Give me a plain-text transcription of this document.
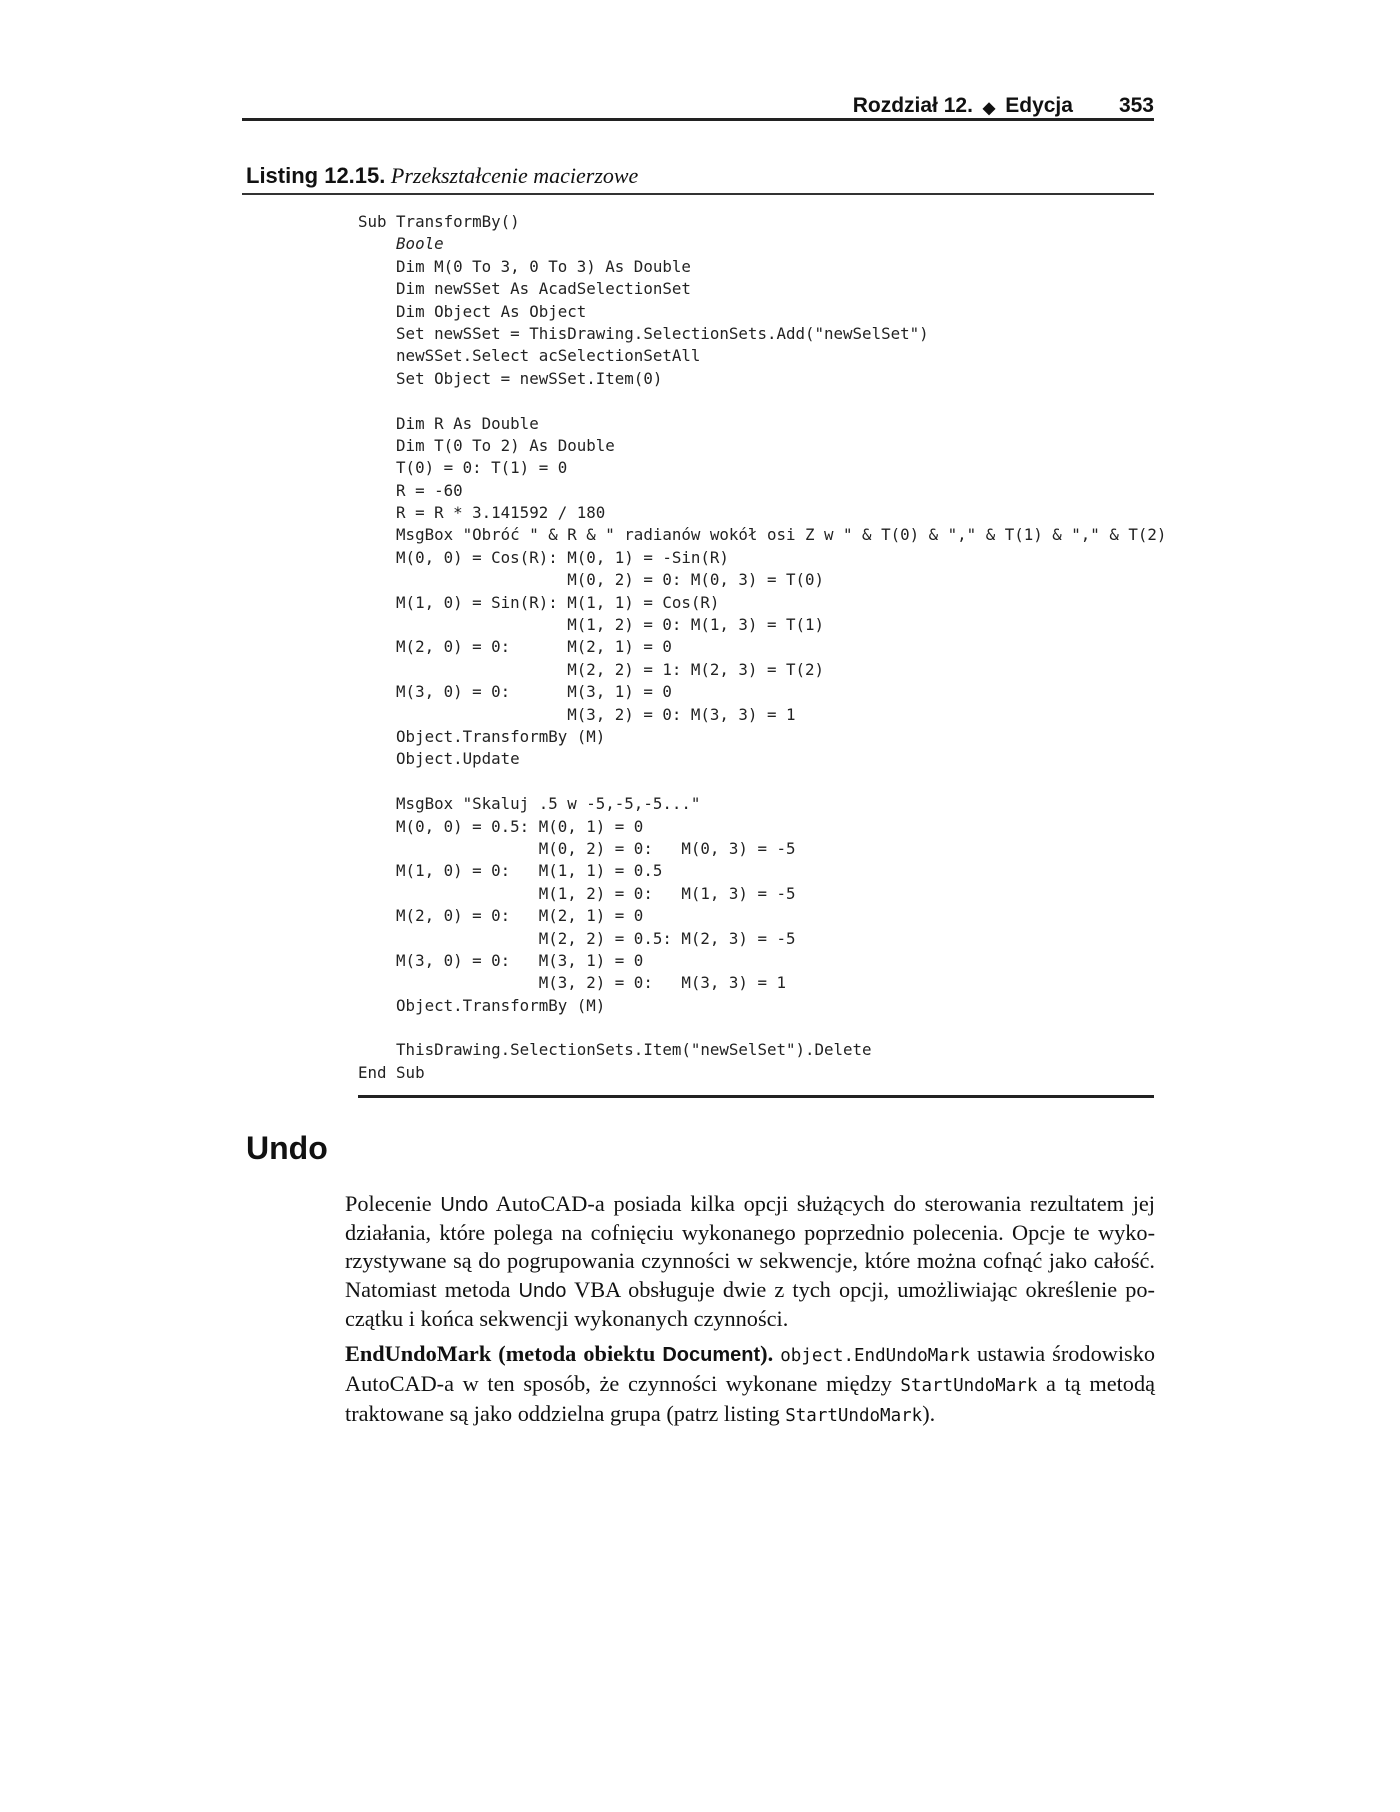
Rozdział 12. ◆ Edycja 353
Listing 12.15. Przekształcenie macierzowe
Sub TransformBy()
Boole
Dim M(0 To 3, 0 To 3) As Double
Dim newSSet As AcadSelectionSet
Dim Object As Object
Set newSSet = ThisDrawing.SelectionSets.Add("newSelSet")
newSSet.Select acSelectionSetAll
Set Object = newSSet.Item(0)
Dim R As Double
Dim T(0 To 2) As Double
T(0) = 0: T(1) = 0
R = -60
R = R * 3.141592 / 180
MsgBox "Obróć " & R & " radianów wokół osi Z w " & T(0) & "," & T(1) & "," & T(2)
M(0, 0) = Cos(R): M(0, 1) = -Sin(R)
M(0, 2) = 0: M(0, 3) = T(0)
M(1, 0) = Sin(R): M(1, 1) = Cos(R)
M(1, 2) = 0: M(1, 3) = T(1)
M(2, 0) = 0:      M(2, 1) = 0
M(2, 2) = 1: M(2, 3) = T(2)
M(3, 0) = 0:      M(3, 1) = 0
M(3, 2) = 0: M(3, 3) = 1
Object.TransformBy (M)
Object.Update
MsgBox "Skaluj .5 w -5,-5,-5..."
M(0, 0) = 0.5: M(0, 1) = 0
M(0, 2) = 0:   M(0, 3) = -5
M(1, 0) = 0:   M(1, 1) = 0.5
M(1, 2) = 0:   M(1, 3) = -5
M(2, 0) = 0:   M(2, 1) = 0
M(2, 2) = 0.5: M(2, 3) = -5
M(3, 0) = 0:   M(3, 1) = 0
M(3, 2) = 0:   M(3, 3) = 1
Object.TransformBy (M)
ThisDrawing.SelectionSets.Item("newSelSet").Delete
End Sub
Undo

Polecenie Undo AutoCAD-a posiada kilka opcji służących do sterowania rezultatem jej działania, które polega na cofnięciu wykonanego poprzednio polecenia. Opcje te wykorzystywane są do pogrupowania czynności w sekwencje, które można cofnąć jako całość. Natomiast metoda Undo VBA obsługuje dwie z tych opcji, umożliwiając określenie początku i końca sekwencji wykonanych czynności.

EndUndoMark (metoda obiektu Document). object.EndUndoMark ustawia środowisko AutoCAD-a w ten sposób, że czynności wykonane między StartUndoMark a tą metodą traktowane są jako oddzielna grupa (patrz listing StartUndoMark).
